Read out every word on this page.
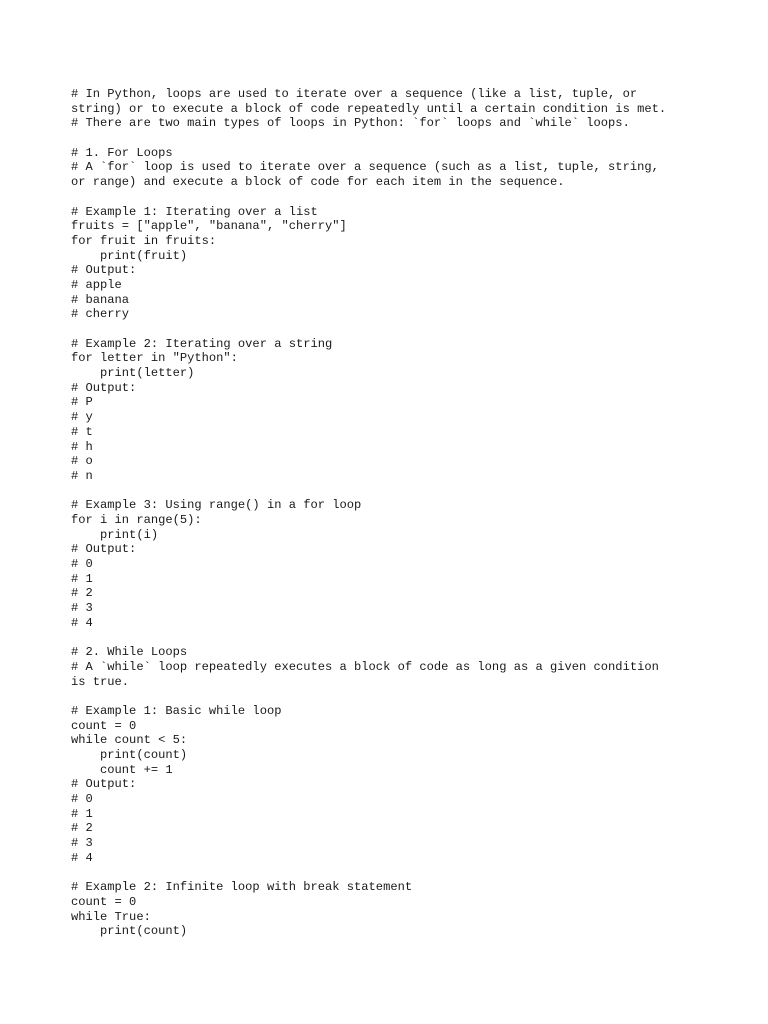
# In Python, loops are used to iterate over a sequence (like a list, tuple, or
string) or to execute a block of code repeatedly until a certain condition is met.
# There are two main types of loops in Python: `for` loops and `while` loops.
# 1. For Loops
# A `for` loop is used to iterate over a sequence (such as a list, tuple, string,
or range) and execute a block of code for each item in the sequence.
# Example 1: Iterating over a list
fruits = ["apple", "banana", "cherry"]
for fruit in fruits:
print(fruit)
# Output:
# apple
# banana
# cherry
# Example 2: Iterating over a string
for letter in "Python":
print(letter)
# Output:
# P
# y
# t
# h
# o
# n
# Example 3: Using range() in a for loop
for i in range(5):
print(i)
# Output:
# 0
# 1
# 2
# 3
# 4
# 2. While Loops
# A `while` loop repeatedly executes a block of code as long as a given condition
is true.
# Example 1: Basic while loop
count = 0
while count < 5:
print(count)
count += 1
# Output:
# 0
# 1
# 2
# 3
# 4
# Example 2: Infinite loop with break statement
count = 0
while True:
print(count)
